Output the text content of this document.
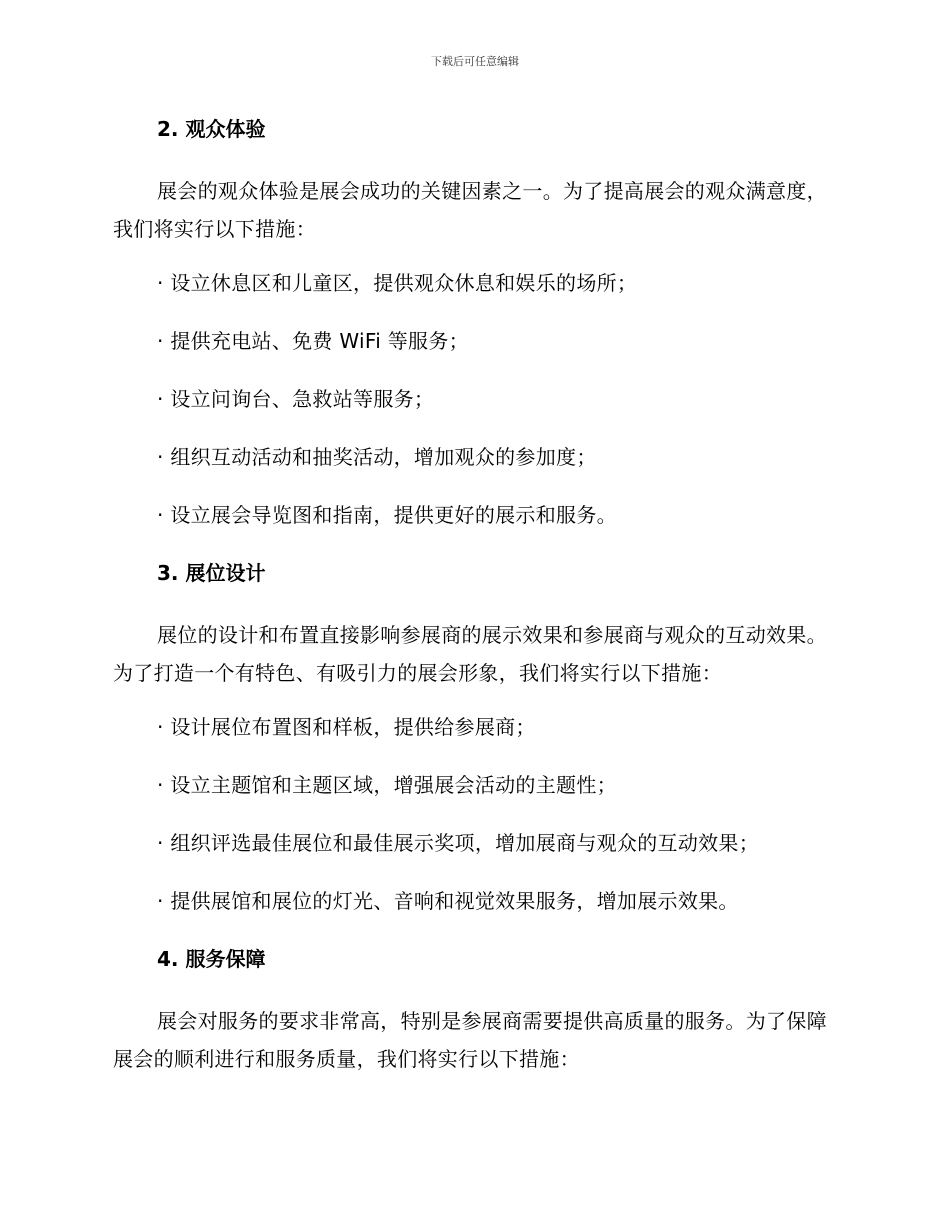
下载后可任意编辑
2. 观众体验
展会的观众体验是展会成功的关键因素之一。为了提高展会的观众满意度，我们将实行以下措施：
· 设立休息区和儿童区，提供观众休息和娱乐的场所；
· 提供充电站、免费 WiFi 等服务；
· 设立问询台、急救站等服务；
· 组织互动活动和抽奖活动，增加观众的参加度；
· 设立展会导览图和指南，提供更好的展示和服务。
3. 展位设计
展位的设计和布置直接影响参展商的展示效果和参展商与观众的互动效果。为了打造一个有特色、有吸引力的展会形象，我们将实行以下措施：
· 设计展位布置图和样板，提供给参展商；
· 设立主题馆和主题区域，增强展会活动的主题性；
· 组织评选最佳展位和最佳展示奖项，增加展商与观众的互动效果；
· 提供展馆和展位的灯光、音响和视觉效果服务，增加展示效果。
4. 服务保障
展会对服务的要求非常高，特别是参展商需要提供高质量的服务。为了保障展会的顺利进行和服务质量，我们将实行以下措施：
